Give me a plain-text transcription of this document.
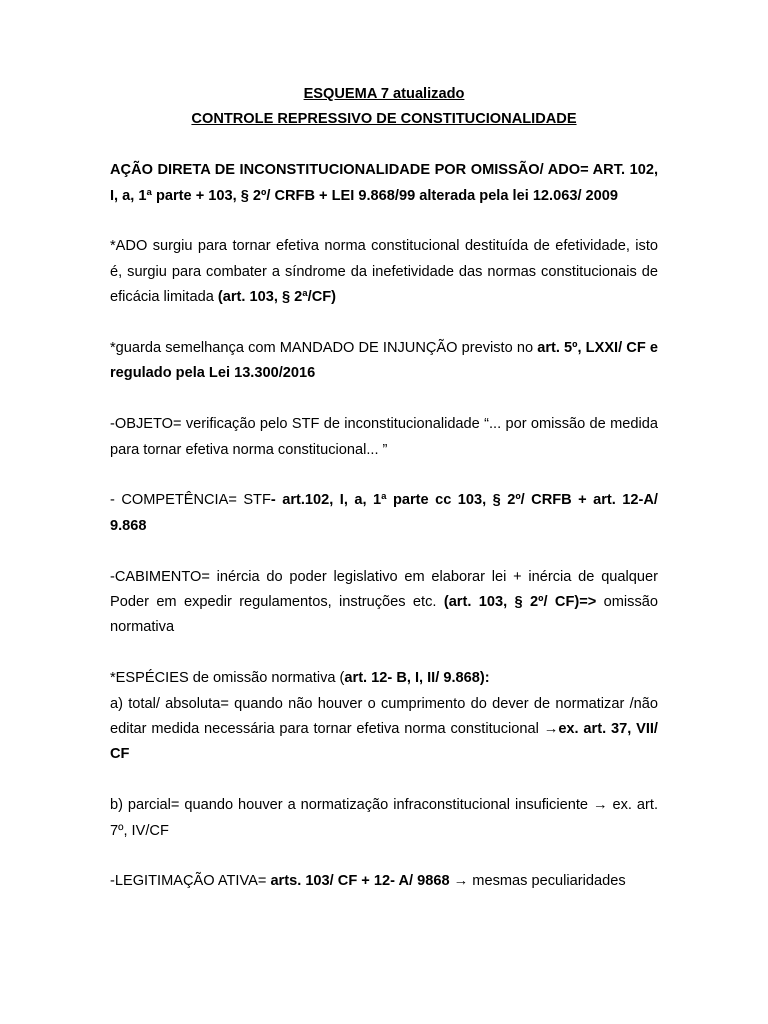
ESQUEMA 7 atualizado
CONTROLE REPRESSIVO DE CONSTITUCIONALIDADE

AÇÃO DIRETA DE INCONSTITUCIONALIDADE POR OMISSÃO/ ADO= ART. 102, I, a, 1ª parte + 103, § 2º/ CRFB + LEI 9.868/99 alterada pela lei 12.063/ 2009

*ADO surgiu para tornar efetiva norma constitucional destituída de efetividade, isto é, surgiu para combater a síndrome da inefetividade das normas constitucionais de eficácia limitada (art. 103, § 2ª/CF)

*guarda semelhança com MANDADO DE INJUNÇÃO previsto no art. 5º, LXXI/ CF e regulado pela Lei 13.300/2016

-OBJETO= verificação pelo STF de inconstitucionalidade “... por omissão de medida para tornar efetiva norma constitucional... ”

- COMPETÊNCIA= STF- art.102, I, a, 1ª parte cc 103, § 2º/ CRFB + art. 12-A/ 9.868

-CABIMENTO= inércia do poder legislativo em elaborar lei + inércia de qualquer Poder em expedir regulamentos, instruções etc. (art. 103, § 2º/ CF)=> omissão normativa

*ESPÉCIES de omissão normativa (art. 12- B, I, II/ 9.868):

a) total/ absoluta= quando não houver o cumprimento do dever de normatizar /não editar medida necessária para tornar efetiva norma constitucional →ex. art. 37, VII/ CF

b) parcial= quando houver a normatização infraconstitucional insuficiente → ex. art. 7º, IV/CF

-LEGITIMAÇÃO ATIVA= arts. 103/ CF + 12- A/ 9868 → mesmas peculiaridades
